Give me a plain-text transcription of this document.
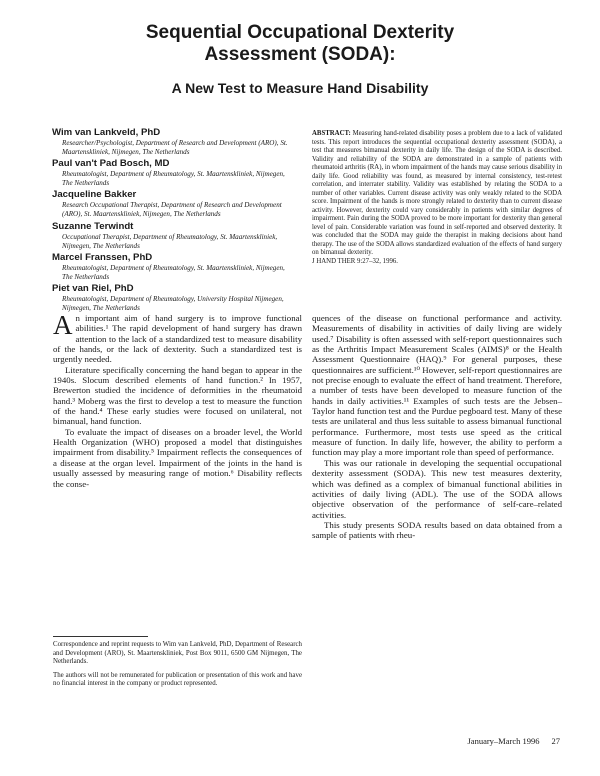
Sequential Occupational Dexterity
Assessment (SODA):
A New Test to Measure Hand Disability
Wim van Lankveld, PhD
Researcher/Psychologist, Department of Research and Development (ARO), St. Maartenskliniek, Nijmegen, The Netherlands
Paul van't Pad Bosch, MD
Rheumatologist, Department of Rheumatology, St. Maartenskliniek, Nijmegen, The Netherlands
Jacqueline Bakker
Research Occupational Therapist, Department of Research and Development (ARO), St. Maartenskliniek, Nijmegen, The Netherlands
Suzanne Terwindt
Occupational Therapist, Department of Rheumatology, St. Maartenskliniek, Nijmegen, The Netherlands
Marcel Franssen, PhD
Rheumatologist, Department of Rheumatology, St. Maartenskliniek, Nijmegen, The Netherlands
Piet van Riel, PhD
Rheumatologist, Department of Rheumatology, University Hospital Nijmegen, Nijmegen, The Netherlands
ABSTRACT: Measuring hand-related disability poses a problem due to a lack of validated tests. This report introduces the sequential occupational dexterity assessment (SODA), a test that measures bimanual dexterity in daily life. The design of the SODA is described. Validity and reliability of the SODA are demonstrated in a sample of patients with rheumatoid arthritis (RA), in whom impairment of the hands may cause serious disability in daily life. Good reliability was found, as measured by internal consistency, test-retest correlation, and interrater stability. Validity was established by relating the SODA to a number of other variables. Current disease activity was only weakly related to the SODA score. Impairment of the hands is more strongly related to dexterity than to current disease activity. However, dexterity could vary considerably in patients with similar degrees of impairment. Pain during the SODA proved to be more important for dexterity than general level of pain. Considerable variation was found in self-reported and observed dexterity. It was concluded that the SODA may guide the therapist in making decisions about hand therapy. The use of the SODA allows standardized evaluation of the effects of hand surgery on bimanual dexterity.
J HAND THER 9:27–32, 1996.

An important aim of hand surgery is to improve functional abilities.¹ The rapid development of hand surgery has drawn attention to the lack of a standardized test to measure disability of the hands, or the lack of dexterity. Such a standardized test is urgently needed.

Literature specifically concerning the hand began to appear in the 1940s. Slocum described elements of hand function.² In 1957, Brewerton studied the incidence of deformities in the rheumatoid hand.³ Moberg was the first to develop a test to measure the function of the hand.⁴ These early studies were focused on unilateral, not bimanual, hand function.

To evaluate the impact of diseases on a broader level, the World Health Organization (WHO) proposed a model that distinguishes impairment from disability.⁵ Impairment reflects the consequences of a disease at the organ level. Impairment of the joints in the hand is usually assessed by measuring range of motion.⁶ Disability reflects the conse-

quences of the disease on functional performance and activity. Measurements of disability in activities of daily living are widely used.⁷ Disability is often assessed with self-report questionnaires such as the Arthritis Impact Measurement Scales (AIMS)⁸ or the Health Assessment Questionnaire (HAQ).⁹ For general purposes, these questionnaires are sufficient.¹⁰ However, self-report questionnaires are not precise enough to evaluate the effect of hand treatment. Therefore, a number of tests have been developed to measure function of the hands in daily activities.¹¹ Examples of such tests are the Jebsen–Taylor hand function test and the Purdue pegboard test. Many of these tests are unilateral and thus less suitable to assess bimanual functional performance. Furthermore, most tests use speed as the critical measure of function. In daily life, however, the ability to perform a function may play a more important role than speed of performance.

This was our rationale in developing the sequential occupational dexterity assessment (SODA). This new test measures dexterity, which was defined as a complex of bimanual functional abilities in activities of daily living (ADL). The use of the SODA allows objective observation of the performance of self-care–related activities.

This study presents SODA results based on data obtained from a sample of patients with rheu-

Correspondence and reprint requests to Wim van Lankveld, PhD, Department of Research and Development (ARO), St. Maartenskliniek, Post Box 9011, 6500 GM Nijmegen, The Netherlands.

The authors will not be remunerated for publication or presentation of this work and have no financial interest in the company or product represented.

January–March 1996 27
